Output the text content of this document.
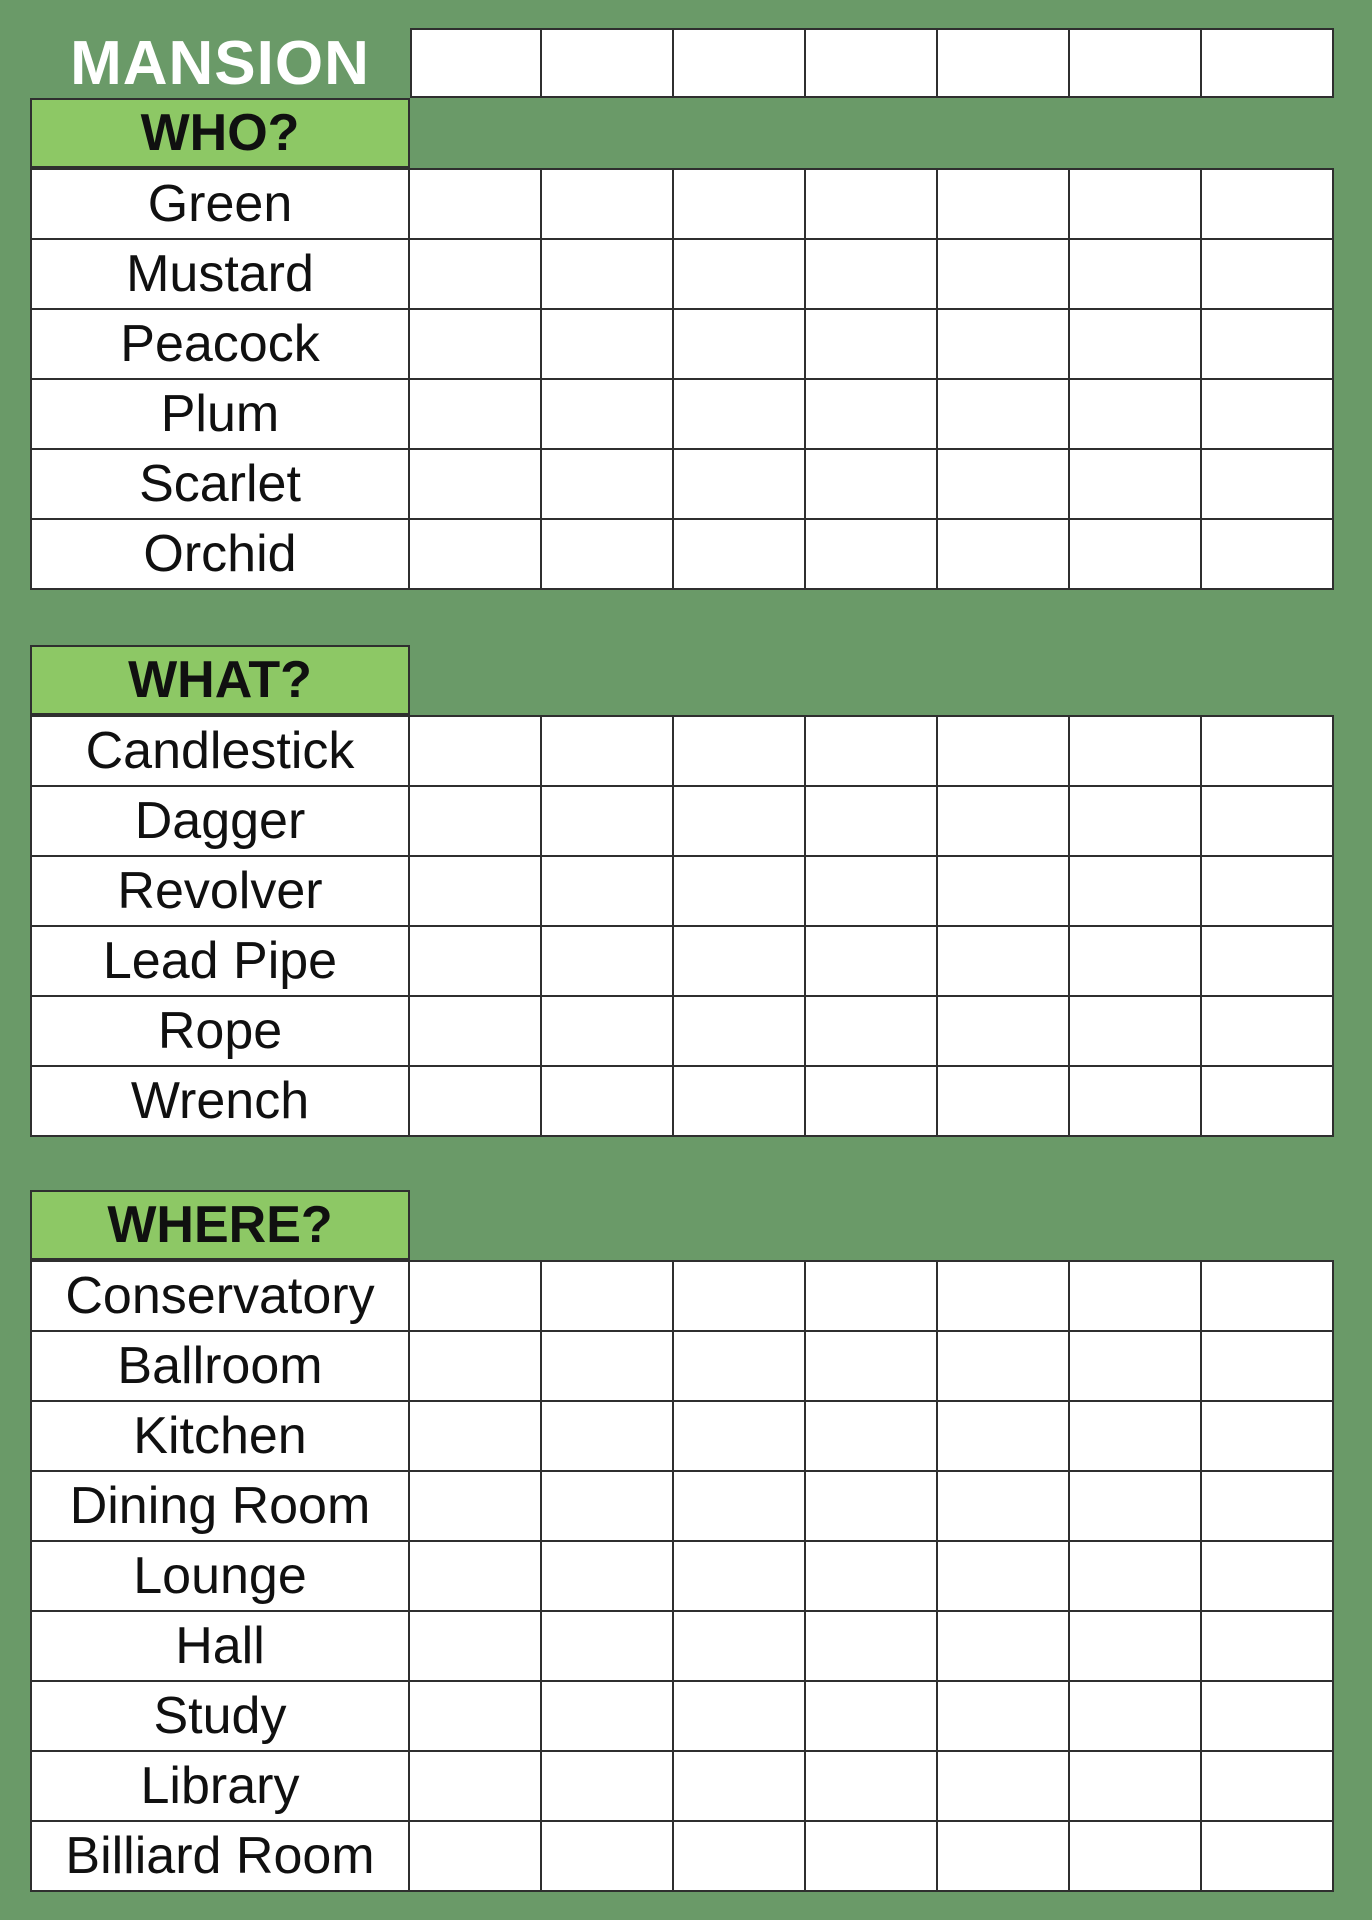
MANSION
WHO?
Green
Mustard
Peacock
Plum
Scarlet
Orchid
WHAT?
Candlestick
Dagger
Revolver
Lead Pipe
Rope
Wrench
WHERE?
Conservatory
Ballroom
Kitchen
Dining Room
Lounge
Hall
Study
Library
Billiard Room
